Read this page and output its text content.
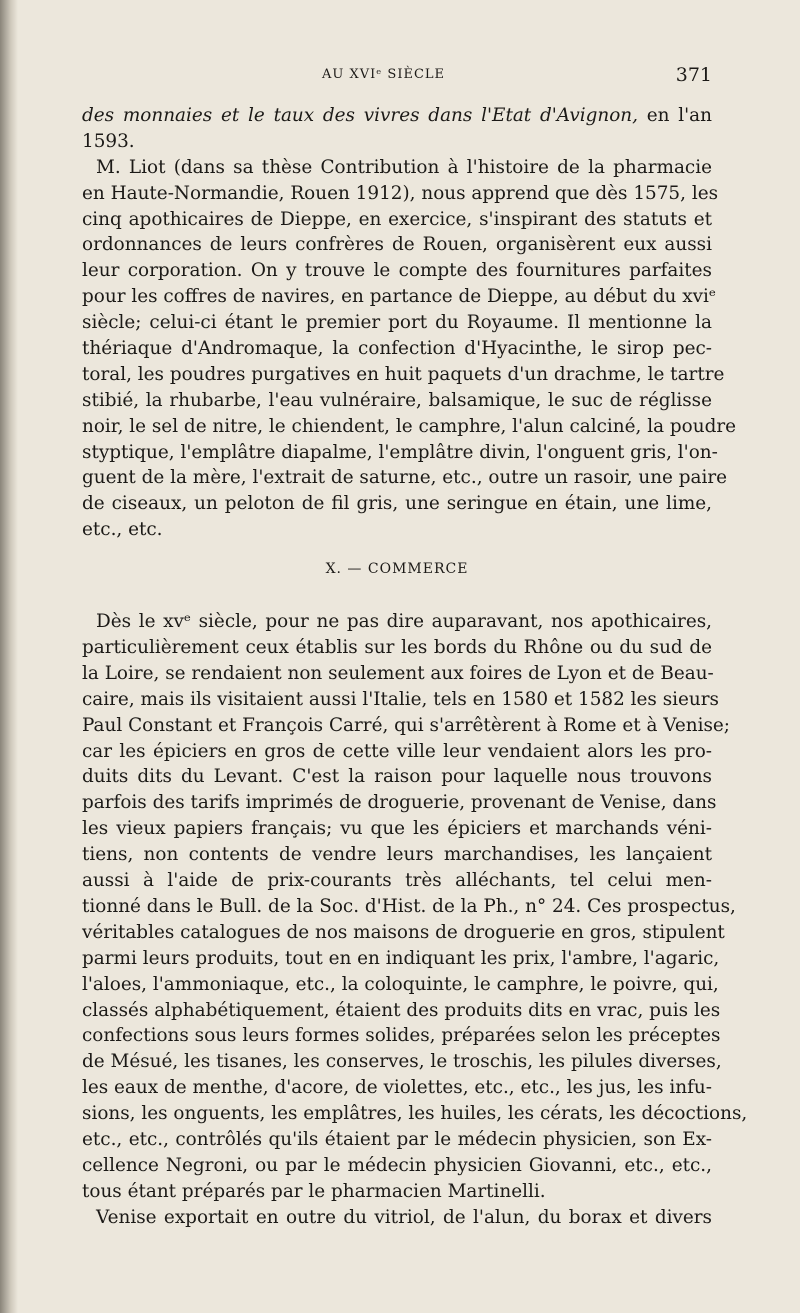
AU XVIᵉ SIÈCLE	371
des monnaies et le taux des vivres dans l'Etat d'Avignon, en l'an
1593.
M. Liot (dans sa thèse Contribution à l'histoire de la pharmacie
en Haute-Normandie, Rouen 1912), nous apprend que dès 1575, les
cinq apothicaires de Dieppe, en exercice, s'inspirant des statuts et
ordonnances de leurs confrères de Rouen, organisèrent eux aussi
leur corporation. On y trouve le compte des fournitures parfaites
pour les coffres de navires, en partance de Dieppe, au début du xviᵉ
siècle; celui-ci étant le premier port du Royaume. Il mentionne la
thériaque d'Andromaque, la confection d'Hyacinthe, le sirop pec-
toral, les poudres purgatives en huit paquets d'un drachme, le tartre
stibié, la rhubarbe, l'eau vulnéraire, balsamique, le suc de réglisse
noir, le sel de nitre, le chiendent, le camphre, l'alun calciné, la poudre
styptique, l'emplâtre diapalme, l'emplâtre divin, l'onguent gris, l'on-
guent de la mère, l'extrait de saturne, etc., outre un rasoir, une paire
de ciseaux, un peloton de fil gris, une seringue en étain, une lime,
etc., etc.
X. — COMMERCE
Dès le xvᵉ siècle, pour ne pas dire auparavant, nos apothicaires,
particulièrement ceux établis sur les bords du Rhône ou du sud de
la Loire, se rendaient non seulement aux foires de Lyon et de Beau-
caire, mais ils visitaient aussi l'Italie, tels en 1580 et 1582 les sieurs
Paul Constant et François Carré, qui s'arrêtèrent à Rome et à Venise;
car les épiciers en gros de cette ville leur vendaient alors les pro-
duits dits du Levant. C'est la raison pour laquelle nous trouvons
parfois des tarifs imprimés de droguerie, provenant de Venise, dans
les vieux papiers français; vu que les épiciers et marchands véni-
tiens, non contents de vendre leurs marchandises, les lançaient
aussi à l'aide de prix-courants très alléchants, tel celui men-
tionné dans le Bull. de la Soc. d'Hist. de la Ph., n° 24. Ces prospectus,
véritables catalogues de nos maisons de droguerie en gros, stipulent
parmi leurs produits, tout en en indiquant les prix, l'ambre, l'agaric,
l'aloes, l'ammoniaque, etc., la coloquinte, le camphre, le poivre, qui,
classés alphabétiquement, étaient des produits dits en vrac, puis les
confections sous leurs formes solides, préparées selon les préceptes
de Mésué, les tisanes, les conserves, le troschis, les pilules diverses,
les eaux de menthe, d'acore, de violettes, etc., etc., les jus, les infu-
sions, les onguents, les emplâtres, les huiles, les cérats, les décoctions,
etc., etc., contrôlés qu'ils étaient par le médecin physicien, son Ex-
cellence Negroni, ou par le médecin physicien Giovanni, etc., etc.,
tous étant préparés par le pharmacien Martinelli.
Venise exportait en outre du vitriol, de l'alun, du borax et divers
